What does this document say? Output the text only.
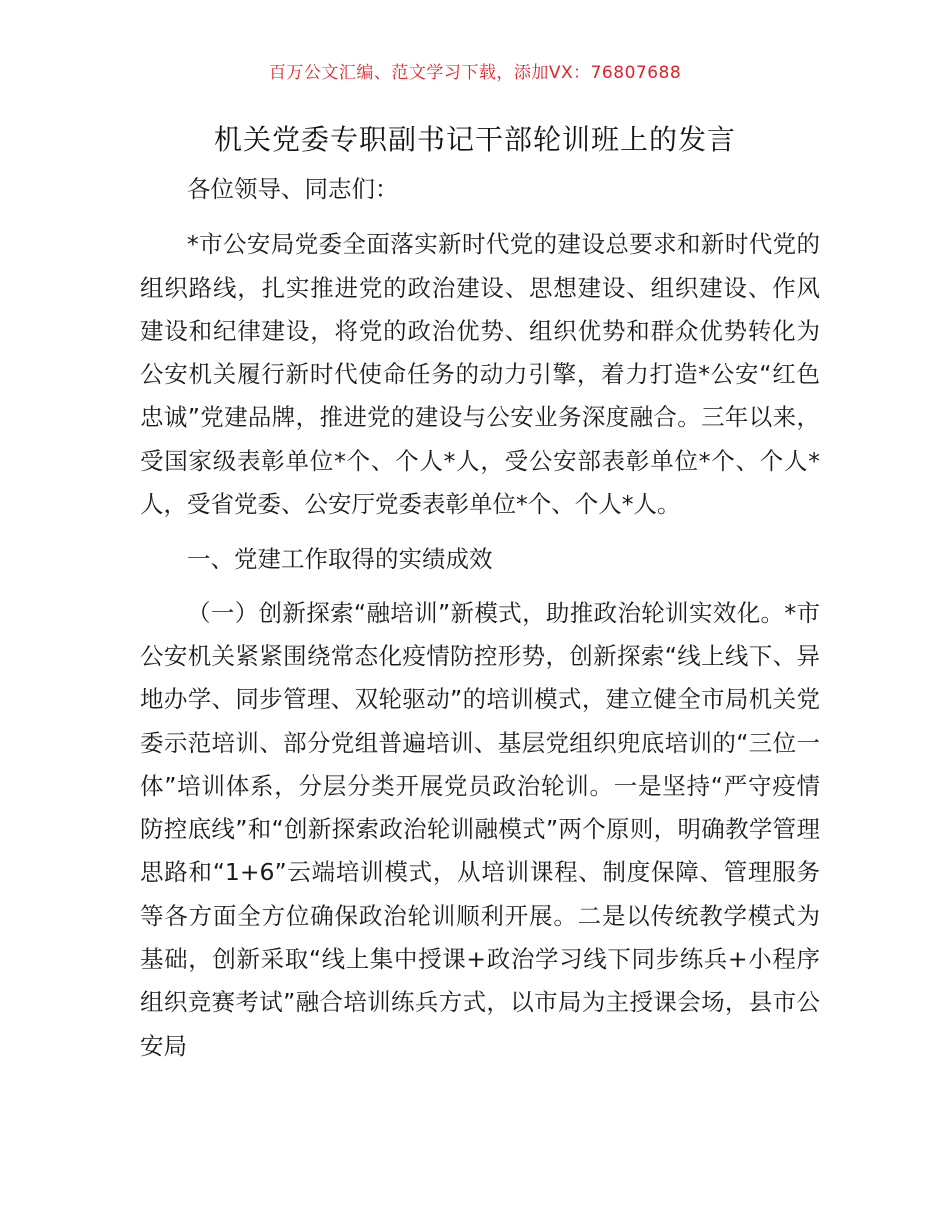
百万公文汇编、范文学习下载，添加VX：76807688
机关党委专职副书记干部轮训班上的发言

各位领导、同志们：

*市公安局党委全面落实新时代党的建设总要求和新时代党的组织路线，扎实推进党的政治建设、思想建设、组织建设、作风建设和纪律建设，将党的政治优势、组织优势和群众优势转化为公安机关履行新时代使命任务的动力引擎，着力打造*公安“红色忠诚”党建品牌，推进党的建设与公安业务深度融合。三年以来，受国家级表彰单位*个、个人*人，受公安部表彰单位*个、个人*人，受省党委、公安厅党委表彰单位*个、个人*人。

一、党建工作取得的实绩成效

（一）创新探索“融培训”新模式，助推政治轮训实效化。*市公安机关紧紧围绕常态化疫情防控形势，创新探索“线上线下、异地办学、同步管理、双轮驱动”的培训模式，建立健全市局机关党委示范培训、部分党组普遍培训、基层党组织兜底培训的“三位一体”培训体系，分层分类开展党员政治轮训。一是坚持“严守疫情防控底线”和“创新探索政治轮训融模式”两个原则，明确教学管理思路和“1+6”云端培训模式，从培训课程、制度保障、管理服务等各方面全方位确保政治轮训顺利开展。二是以传统教学模式为基础，创新采取“线上集中授课+政治学习线下同步练兵+小程序组织竞赛考试”融合培训练兵方式，以市局为主授课会场，县市公安局
